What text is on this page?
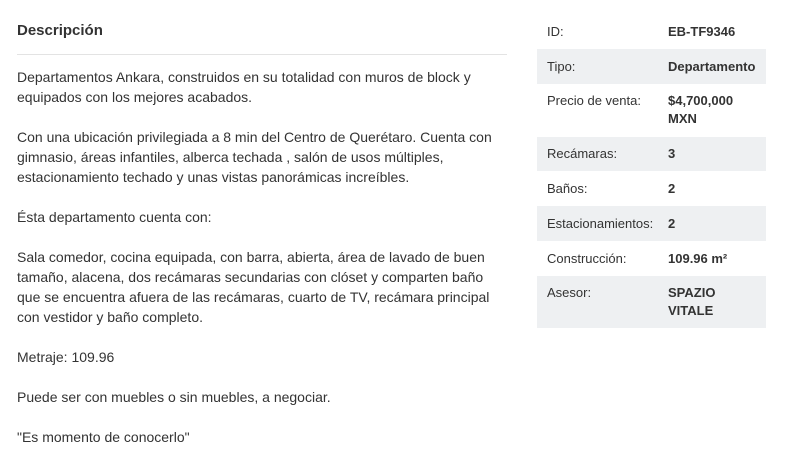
Descripción

Departamentos Ankara, construidos en su totalidad con muros de block y equipados con los mejores acabados.

Con una ubicación privilegiada a 8 min del Centro de Querétaro. Cuenta con gimnasio, áreas infantiles, alberca techada , salón de usos múltiples, estacionamiento techado y unas vistas panorámicas increíbles.

Ésta departamento cuenta con:

Sala comedor, cocina equipada, con barra, abierta, área de lavado de buen tamaño, alacena, dos recámaras secundarias con clóset y comparten baño que se encuentra afuera de las recámaras, cuarto de TV, recámara principal con vestidor y baño completo.

Metraje: 109.96

Puede ser con muebles o sin muebles, a negociar.

"Es momento de conocerlo"

ID:	EB-TF9346
Tipo:	Departamento
Precio de venta:	$4,700,000 MXN
Recámaras:	3
Baños:	2
Estacionamientos:	2
Construcción:	109.96 m²
Asesor:	SPAZIO VITALE
